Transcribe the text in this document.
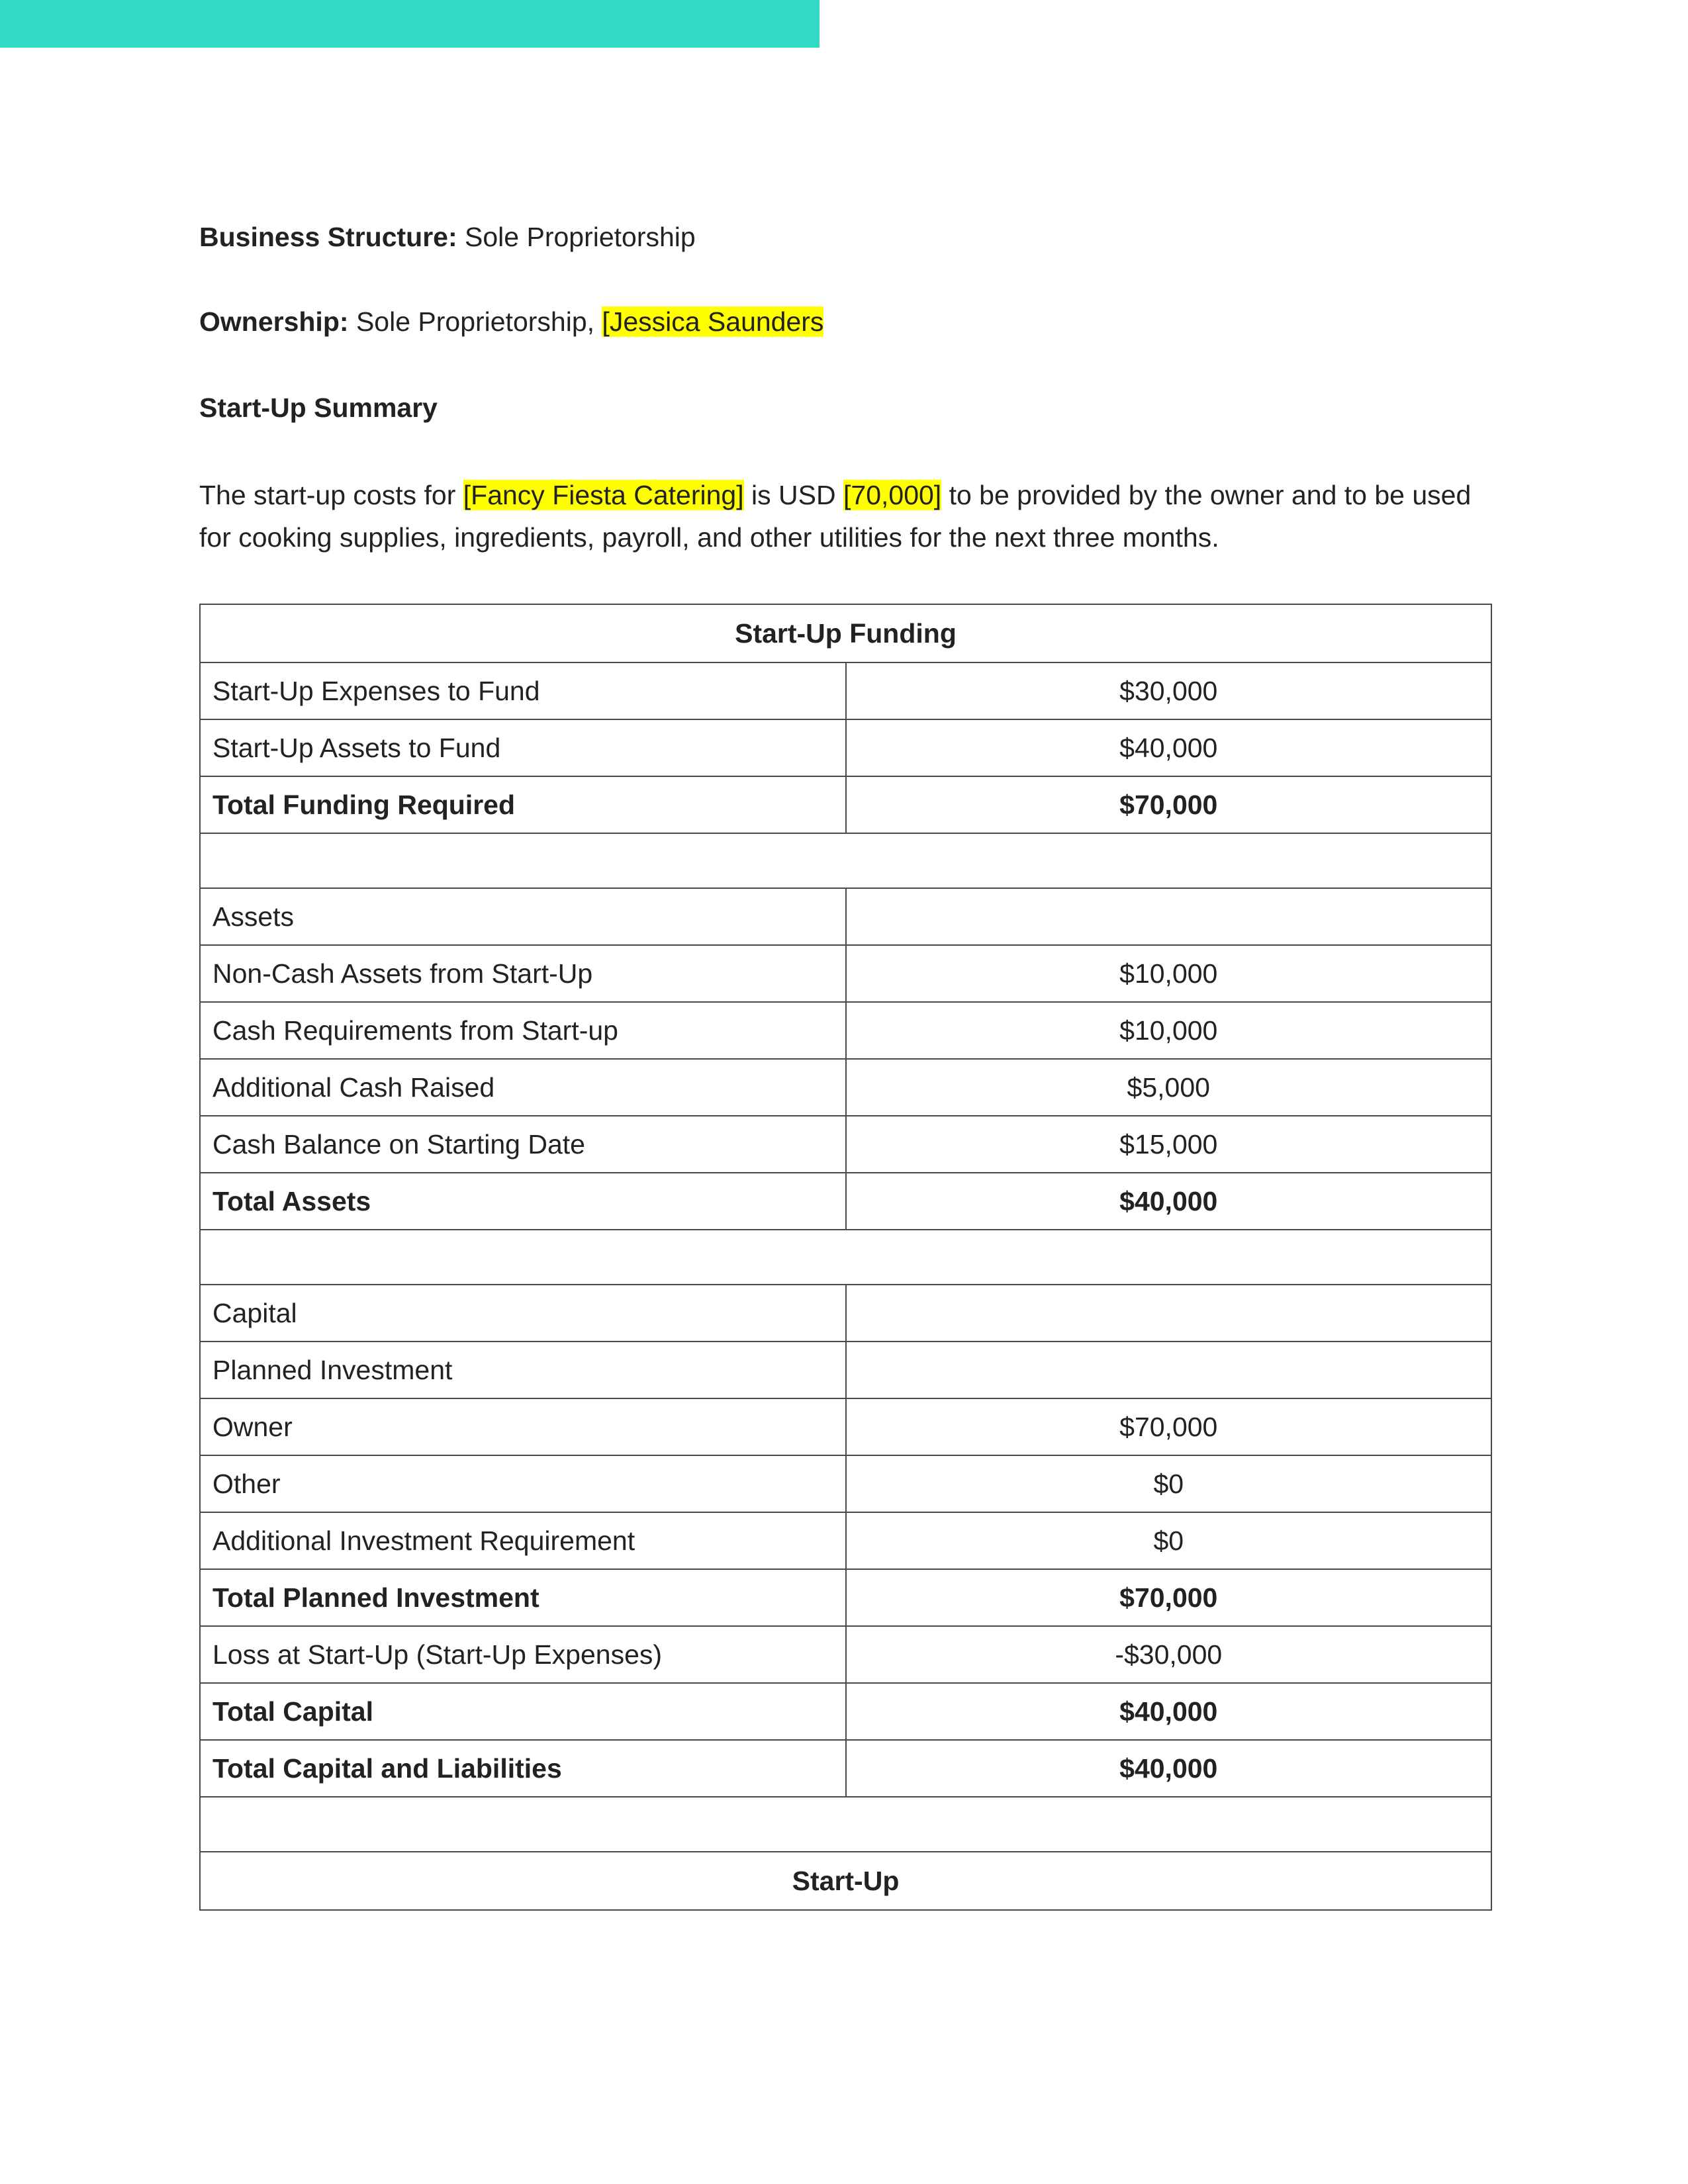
Business Structure: Sole Proprietorship

Ownership: Sole Proprietorship, [Jessica Saunders

Start-Up Summary

The start-up costs for [Fancy Fiesta Catering] is USD [70,000] to be provided by the owner and to be used for cooking supplies, ingredients, payroll, and other utilities for the next three months.

Start-Up Funding	
Start-Up Expenses to Fund	$30,000
Start-Up Assets to Fund	$40,000
Total Funding Required	$70,000

Assets	
Non-Cash Assets from Start-Up	$10,000
Cash Requirements from Start-up	$10,000
Additional Cash Raised	$5,000
Cash Balance on Starting Date	$15,000
Total Assets	$40,000

Capital	
Planned Investment	
Owner	$70,000
Other	$0
Additional Investment Requirement	$0
Total Planned Investment	$70,000
Loss at Start-Up (Start-Up Expenses)	-$30,000
Total Capital	$40,000
Total Capital and Liabilities	$40,000

Start-Up	
